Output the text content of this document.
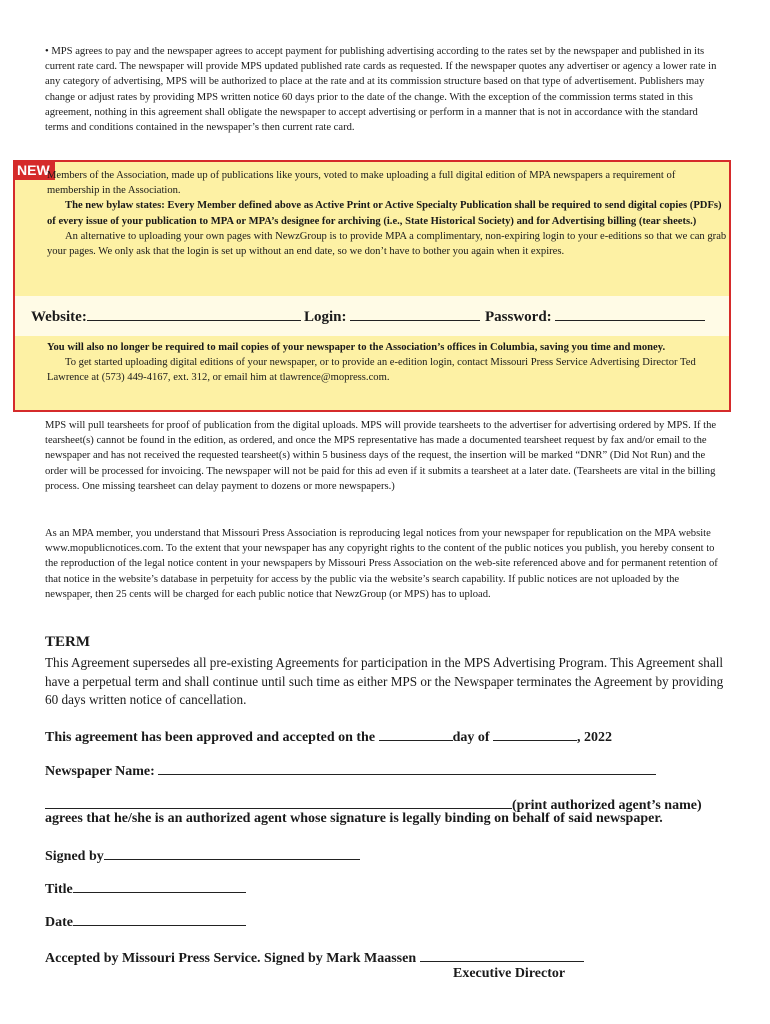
• MPS agrees to pay and the newspaper agrees to accept payment for publishing advertising according to the rates set by the newspaper and published in its current rate card. The newspaper will provide MPS updated published rate cards as requested. If the newspaper quotes any advertiser or agency a lower rate in any category of advertising, MPS will be authorized to place at the rate and at its commission structure based on that type of advertisement. Publishers may change or adjust rates by providing MPS written notice 60 days prior to the date of the change. With the exception of the commission terms stated in this agreement, nothing in this agreement shall obligate the newspaper to accept advertising or perform in a manner that is not in accordance with the standard terms and conditions contained in the newspaper’s then current rate card.

NEW

Members of the Association, made up of publications like yours, voted to make uploading a full digital edition of MPA newspapers a requirement of membership in the Association.

The new bylaw states: Every Member defined above as Active Print or Active Specialty Publication shall be required to send digital copies (PDFs) of every issue of your publication to MPA or MPA’s designee for archiving (i.e., State Historical Society) and for Advertising billing (tear sheets.)

An alternative to uploading your own pages with NewzGroup is to provide MPA a complimentary, non-expiring login to your e-editions so that we can grab your pages. We only ask that the login is set up without an end date, so we don’t have to bother you again when it expires.

Website:	Login:	Password:

You will also no longer be required to mail copies of your newspaper to the Association’s offices in Columbia, saving you time and money.

To get started uploading digital editions of your newspaper, or to provide an e-edition login, contact Missouri Press Service Advertising Director Ted Lawrence at (573) 449-4167, ext. 312, or email him at tlawrence@mopress.com.

MPS will pull tearsheets for proof of publication from the digital uploads. MPS will provide tearsheets to the advertiser for advertising ordered by MPS. If the tearsheet(s) cannot be found in the edition, as ordered, and once the MPS representative has made a documented tearsheet request by fax and/or email to the newspaper and has not received the requested tearsheet(s) within 5 business days of the request, the insertion will be marked “DNR” (Did Not Run) and the order will be processed for invoicing. The newspaper will not be paid for this ad even if it submits a tearsheet at a later date. (Tearsheets are vital in the billing process. One missing tearsheet can delay payment to dozens or more newspapers.)

As an MPA member, you understand that Missouri Press Association is reproducing legal notices from your newspaper for republication on the MPA website www.mopublicnotices.com. To the extent that your newspaper has any copyright rights to the content of the public notices you publish, you hereby consent to the reproduction of the legal notice content in your newspapers by Missouri Press Association on the web-site referenced above and for permanent retention of that notice in the website’s database in perpetuity for access by the public via the website’s search capability. If public notices are not uploaded by the newspaper, then 25 cents will be charged for each public notice that NewzGroup (or MPS) has to upload.

TERM

This Agreement supersedes all pre-existing Agreements for participation in the MPS Advertising Program. This Agreement shall have a perpetual term and shall continue until such time as either MPS or the Newspaper terminates the Agreement by providing 60 days written notice of cancellation.

This agreement has been approved and accepted on the	day of	, 2022
Newspaper Name:
(print authorized agent’s name)
agrees that he/she is an authorized agent whose signature is legally binding on behalf of said newspaper.
Signed by
Title
Date
Accepted by Missouri Press Service. Signed by Mark Maassen
Executive Director
